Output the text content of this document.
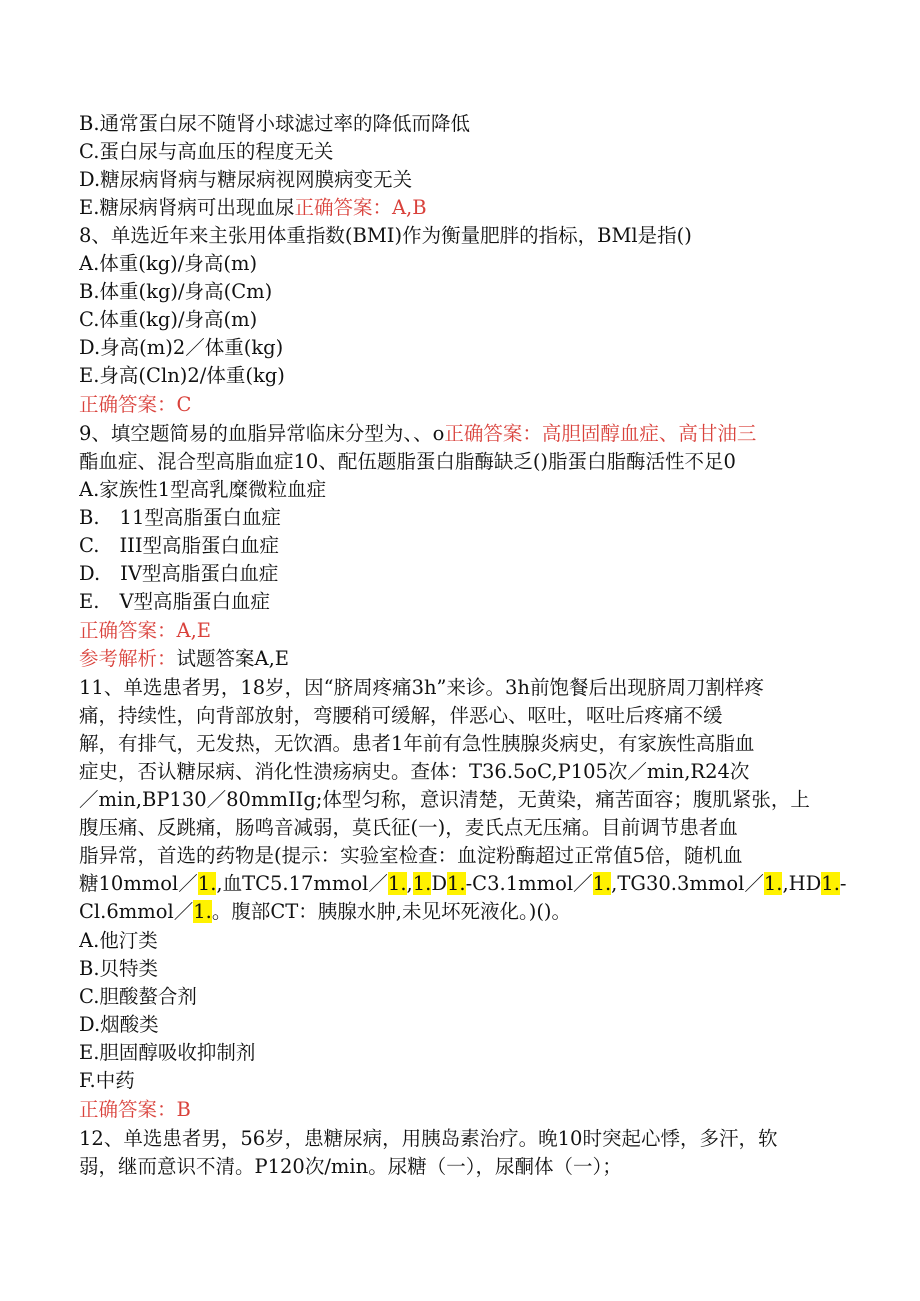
B.通常蛋白尿不随肾小球滤过率的降低而降低
C.蛋白尿与高血压的程度无关
D.糖尿病肾病与糖尿病视网膜病变无关
E.糖尿病肾病可出现血尿正确答案：A,B
8、单选近年来主张用体重指数(BMI)作为衡量肥胖的指标，BMl是指()
A.体重(kg)/身高(m)
B.体重(kg)/身高(Cm)
C.体重(kg)/身高(m)
D.身高(m)2／体重(kg)
E.身高(Cln)2/体重(kg)
正确答案：C
9、填空题简易的血脂异常临床分型为、、o正确答案：高胆固醇血症、高甘油三
酯血症、混合型高脂血症10、配伍题脂蛋白脂酶缺乏()脂蛋白脂酶活性不足0
A.家族性1型高乳糜微粒血症
B. 11型高脂蛋白血症
C. III型高脂蛋白血症
D. IV型高脂蛋白血症
E. V型高脂蛋白血症
正确答案：A,E
参考解析：试题答案A,E
11、单选患者男，18岁，因“脐周疼痛3h”来诊。3h前饱餐后出现脐周刀割样疼
痛，持续性，向背部放射，弯腰稍可缓解，伴恶心、呕吐，呕吐后疼痛不缓
解，有排气，无发热，无饮酒。患者1年前有急性胰腺炎病史，有家族性高脂血
症史，否认糖尿病、消化性溃疡病史。查体：T36.5oC,P105次／min,R24次
／min,BP130／80mmIIg;体型匀称，意识清楚，无黄染，痛苦面容；腹肌紧张，上
腹压痛、反跳痛，肠鸣音减弱，莫氏征(一)，麦氏点无压痛。目前调节患者血
脂异常，首选的药物是(提示：实验室检查：血淀粉酶超过正常值5倍，随机血
糖10mmol／1.,血TC5.17mmol／1.,1.D1.-C3.1mmol／1.,TG30.3mmol／1.,HD1.-
Cl.6mmol／1.。腹部CT：胰腺水肿,未见坏死液化。)()。
A.他汀类
B.贝特类
C.胆酸螯合剂
D.烟酸类
E.胆固醇吸收抑制剂
F.中药
正确答案：B
12、单选患者男，56岁，患糖尿病，用胰岛素治疗。晚10时突起心悸，多汗，软
弱，继而意识不清。P120次/min。尿糖（一），尿酮体（一）；
